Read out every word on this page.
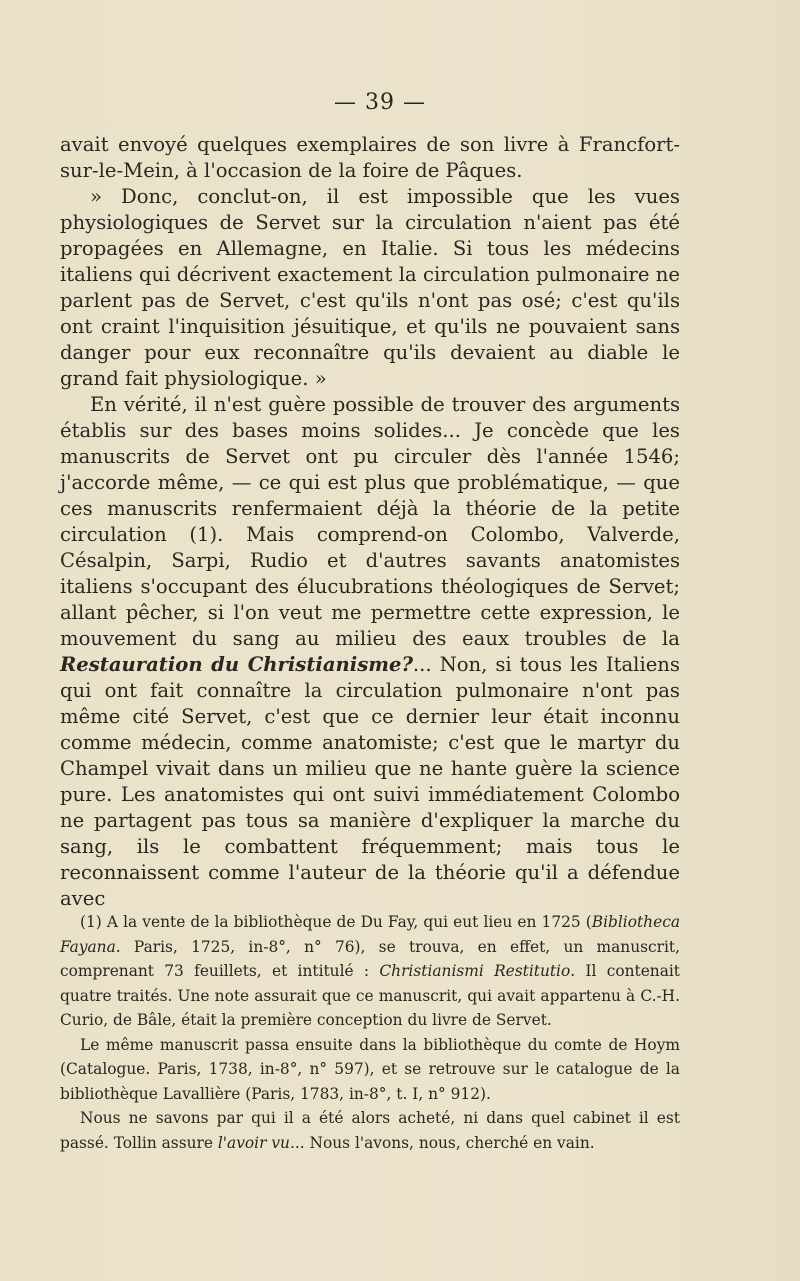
— 39 —

avait envoyé quelques exemplaires de son livre à Francfort-sur-le-Mein, à l'occasion de la foire de Pâques.

» Donc, conclut-on, il est impossible que les vues physiologiques de Servet sur la circulation n'aient pas été propagées en Allemagne, en Italie. Si tous les médecins italiens qui décrivent exactement la circulation pulmonaire ne parlent pas de Servet, c'est qu'ils n'ont pas osé; c'est qu'ils ont craint l'inquisition jésuitique, et qu'ils ne pouvaient sans danger pour eux reconnaître qu'ils devaient au diable le grand fait physiologique. »

En vérité, il n'est guère possible de trouver des arguments établis sur des bases moins solides... Je concède que les manuscrits de Servet ont pu circuler dès l'année 1546; j'accorde même, — ce qui est plus que problématique, — que ces manuscrits renfermaient déjà la théorie de la petite circulation (1). Mais comprend-on Colombo, Valverde, Césalpin, Sarpi, Rudio et d'autres savants anatomistes italiens s'occupant des élucubrations théologiques de Servet; allant pêcher, si l'on veut me permettre cette expression, le mouvement du sang au milieu des eaux troubles de la Restauration du Christianisme?... Non, si tous les Italiens qui ont fait connaître la circulation pulmonaire n'ont pas même cité Servet, c'est que ce dernier leur était inconnu comme médecin, comme anatomiste; c'est que le martyr du Champel vivait dans un milieu que ne hante guère la science pure. Les anatomistes qui ont suivi immédiatement Colombo ne partagent pas tous sa manière d'expliquer la marche du sang, ils le combattent fréquemment; mais tous le reconnaissent comme l'auteur de la théorie qu'il a défendue avec

(1) A la vente de la bibliothèque de Du Fay, qui eut lieu en 1725 (Bibliotheca Fayana. Paris, 1725, in-8°, n° 76), se trouva, en effet, un manuscrit, comprenant 73 feuillets, et intitulé : Christianismi Restitutio. Il contenait quatre traités. Une note assurait que ce manuscrit, qui avait appartenu à C.-H. Curio, de Bâle, était la première conception du livre de Servet.

Le même manuscrit passa ensuite dans la bibliothèque du comte de Hoym (Catalogue. Paris, 1738, in-8°, n° 597), et se retrouve sur le catalogue de la bibliothèque Lavallière (Paris, 1783, in-8°, t. I, n° 912).

Nous ne savons par qui il a été alors acheté, ni dans quel cabinet il est passé. Tollin assure l'avoir vu... Nous l'avons, nous, cherché en vain.
